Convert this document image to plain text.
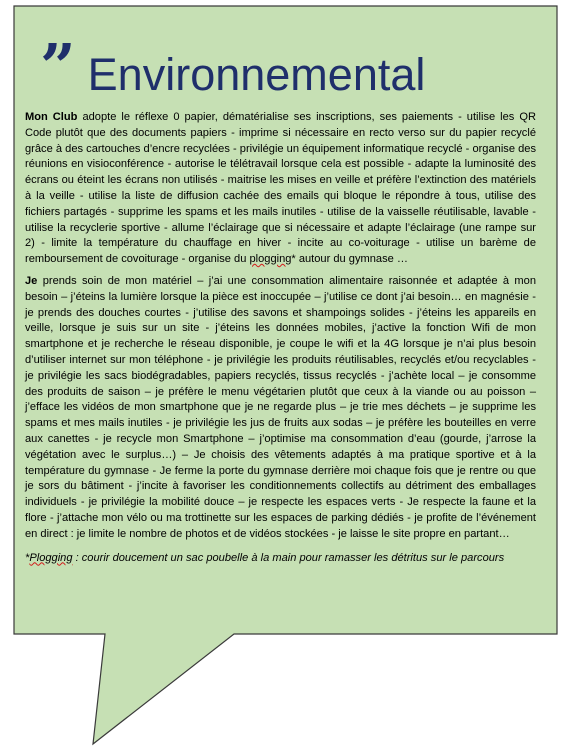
” Environnemental

Mon Club adopte le réflexe 0 papier, dématérialise ses inscriptions, ses paiements - utilise les QR Code plutôt que des documents papiers - imprime si nécessaire en recto verso sur du papier recyclé grâce à des cartouches d’encre recyclées - privilégie un équipement informatique recyclé - organise des réunions en visioconférence - autorise le télétravail lorsque cela est possible - adapte la luminosité des écrans ou éteint les écrans non utilisés - maitrise les mises en veille et préfère l’extinction des matériels à la veille - utilise la liste de diffusion cachée des emails qui bloque le répondre à tous, utilise des fichiers partagés - supprime les spams et les mails inutiles - utilise de la vaisselle réutilisable, lavable - utilise la recyclerie sportive - allume l’éclairage que si nécessaire et adapte l’éclairage (une rampe sur 2) - limite la température du chauffage en hiver - incite au co-voiturage - utilise un barème de remboursement de covoiturage - organise du plogging* autour du gymnase …

Je prends soin de mon matériel – j’ai une consommation alimentaire raisonnée et adaptée à mon besoin – j’éteins la lumière lorsque la pièce est inoccupée – j’utilise ce dont j’ai besoin… en magnésie - je prends des douches courtes - j’utilise des savons et shampoings solides - j’éteins les appareils en veille, lorsque je suis sur un site - j’éteins les données mobiles, j’active la fonction Wifi de mon smartphone et je recherche le réseau disponible, je coupe le wifi et la 4G lorsque je n’ai plus besoin d’utiliser internet sur mon téléphone - je privilégie les produits réutilisables, recyclés et/ou recyclables - je privilégie les sacs biodégradables, papiers recyclés, tissus recyclés - j’achète local – je consomme des produits de saison – je préfère le menu végétarien plutôt que ceux à la viande ou au poisson – j’efface les vidéos de mon smartphone que je ne regarde plus – je trie mes déchets – je supprime les spams et mes mails inutiles - je privilégie les jus de fruits aux sodas – je préfère les bouteilles en verre aux canettes - je recycle mon Smartphone – j’optimise ma consommation d’eau (gourde, j’arrose la végétation avec le surplus…) – Je choisis des vêtements adaptés à ma pratique sportive et à la température du gymnase - Je ferme la porte du gymnase derrière moi chaque fois que je rentre ou que je sors du bâtiment - j’incite à favoriser les conditionnements collectifs au détriment des emballages individuels - je privilégie la mobilité douce – je respecte les espaces verts - Je respecte la faune et la flore - j’attache mon vélo ou ma trottinette sur les espaces de parking dédiés - je profite de l’événement en direct : je limite le nombre de photos et de vidéos stockées - je laisse le site propre en partant…

*Plogging : courir doucement un sac poubelle à la main pour ramasser les détritus sur le parcours
